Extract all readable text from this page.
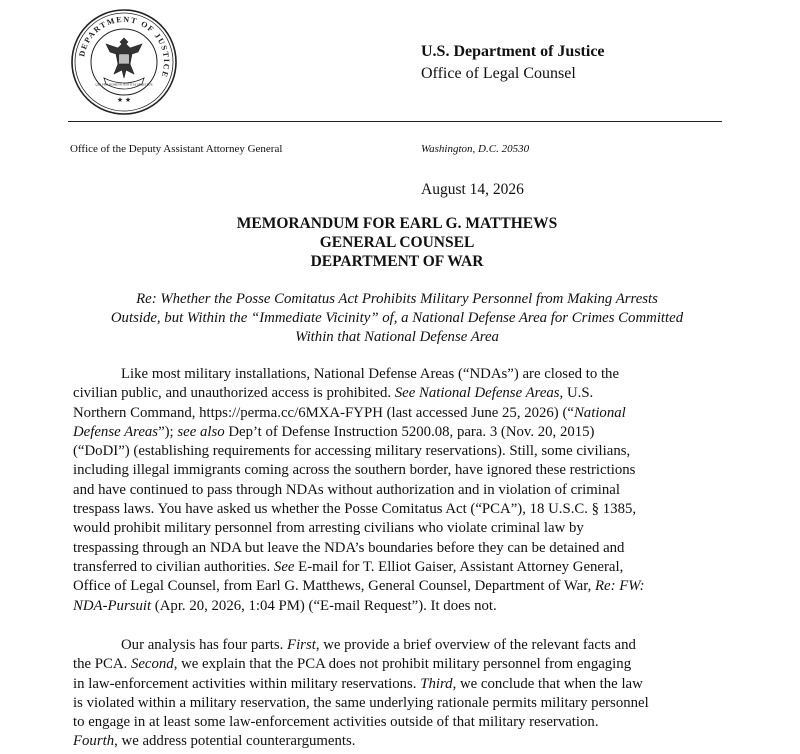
DEPARTMENT OF JUSTICE
QUI PRO DOMINA JUSTITIA SEQUITUR
★ ★
U.S. Department of Justice
Office of Legal Counsel
Office of the Deputy Assistant Attorney General	Washington, D.C. 20530
August 14, 2026
MEMORANDUM FOR EARL G. MATTHEWS
GENERAL COUNSEL
DEPARTMENT OF WAR
Re: Whether the Posse Comitatus Act Prohibits Military Personnel from Making Arrests
Outside, but Within the “Immediate Vicinity” of, a National Defense Area for Crimes Committed
Within that National Defense Area
Like most military installations, National Defense Areas (“NDAs”) are closed to the
civilian public, and unauthorized access is prohibited. See National Defense Areas, U.S.
Northern Command, https://perma.cc/6MXA-FYPH (last accessed June 25, 2026) (“National
Defense Areas”); see also Dep’t of Defense Instruction 5200.08, para. 3 (Nov. 20, 2015)
(“DoDI”) (establishing requirements for accessing military reservations). Still, some civilians,
including illegal immigrants coming across the southern border, have ignored these restrictions
and have continued to pass through NDAs without authorization and in violation of criminal
trespass laws. You have asked us whether the Posse Comitatus Act (“PCA”), 18 U.S.C. § 1385,
would prohibit military personnel from arresting civilians who violate criminal law by
trespassing through an NDA but leave the NDA’s boundaries before they can be detained and
transferred to civilian authorities. See E-mail for T. Elliot Gaiser, Assistant Attorney General,
Office of Legal Counsel, from Earl G. Matthews, General Counsel, Department of War, Re: FW:
NDA-Pursuit (Apr. 20, 2026, 1:04 PM) (“E-mail Request”). It does not.
Our analysis has four parts. First, we provide a brief overview of the relevant facts and
the PCA. Second, we explain that the PCA does not prohibit military personnel from engaging
in law-enforcement activities within military reservations. Third, we conclude that when the law
is violated within a military reservation, the same underlying rationale permits military personnel
to engage in at least some law-enforcement activities outside of that military reservation.
Fourth, we address potential counterarguments.
